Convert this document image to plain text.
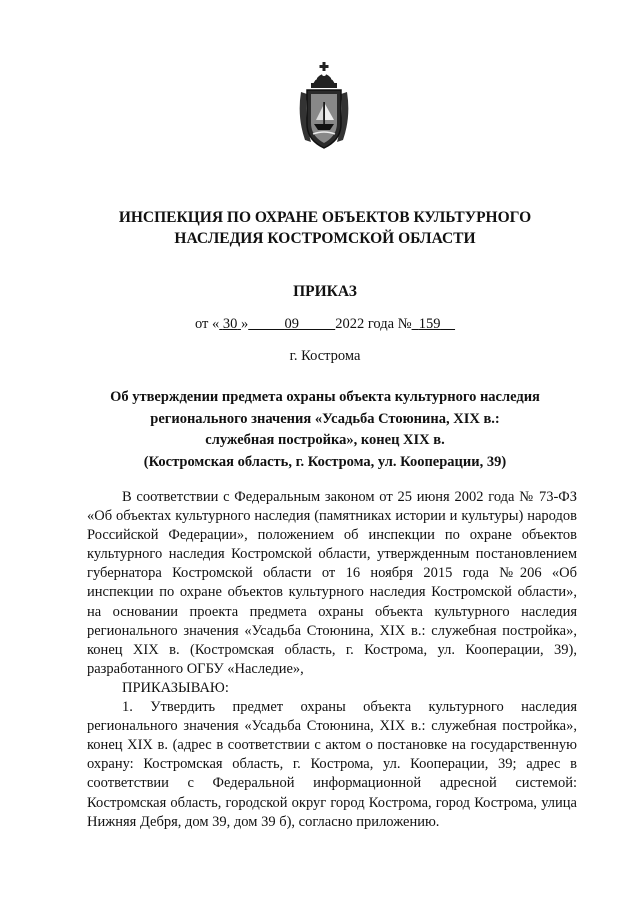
ИНСПЕКЦИЯ ПО ОХРАНЕ ОБЪЕКТОВ КУЛЬТУРНОГО
НАСЛЕДИЯ КОСТРОМСКОЙ ОБЛАСТИ
ПРИКАЗ
от « 30 »	09	2022 года № 159
г. Кострома
Об утверждении предмета охраны объекта культурного наследия
регионального значения «Усадьба Стоюнина, XIX в.:
служебная постройка», конец XIX в.
(Костромская область, г. Кострома, ул. Кооперации, 39)

В соответствии с Федеральным законом от 25 июня 2002 года № 73-ФЗ «Об объектах культурного наследия (памятниках истории и культуры) народов Российской Федерации», положением об инспекции по охране объектов культурного наследия Костромской области, утвержденным постановлением губернатора Костромской области от 16 ноября 2015 года №206 «Об инспекции по охране объектов культурного наследия Костромской области», на основании проекта предмета охраны объекта культурного наследия регионального значения «Усадьба Стоюнина, XIX в.: служебная постройка», конец XIX в. (Костромская область, г. Кострома, ул. Кооперации, 39), разработанного ОГБУ «Наследие»,

ПРИКАЗЫВАЮ:

1. Утвердить предмет охраны объекта культурного наследия регионального значения «Усадьба Стоюнина, XIX в.: служебная постройка», конец XIX в. (адрес в соответствии с актом о постановке на государственную охрану: Костромская область, г. Кострома, ул. Кооперации, 39; адрес в соответствии с Федеральной информационной адресной системой: Костромская область, городской округ город Кострома, город Кострома, улица Нижняя Дебря, дом 39, дом 39 б), согласно приложению.
